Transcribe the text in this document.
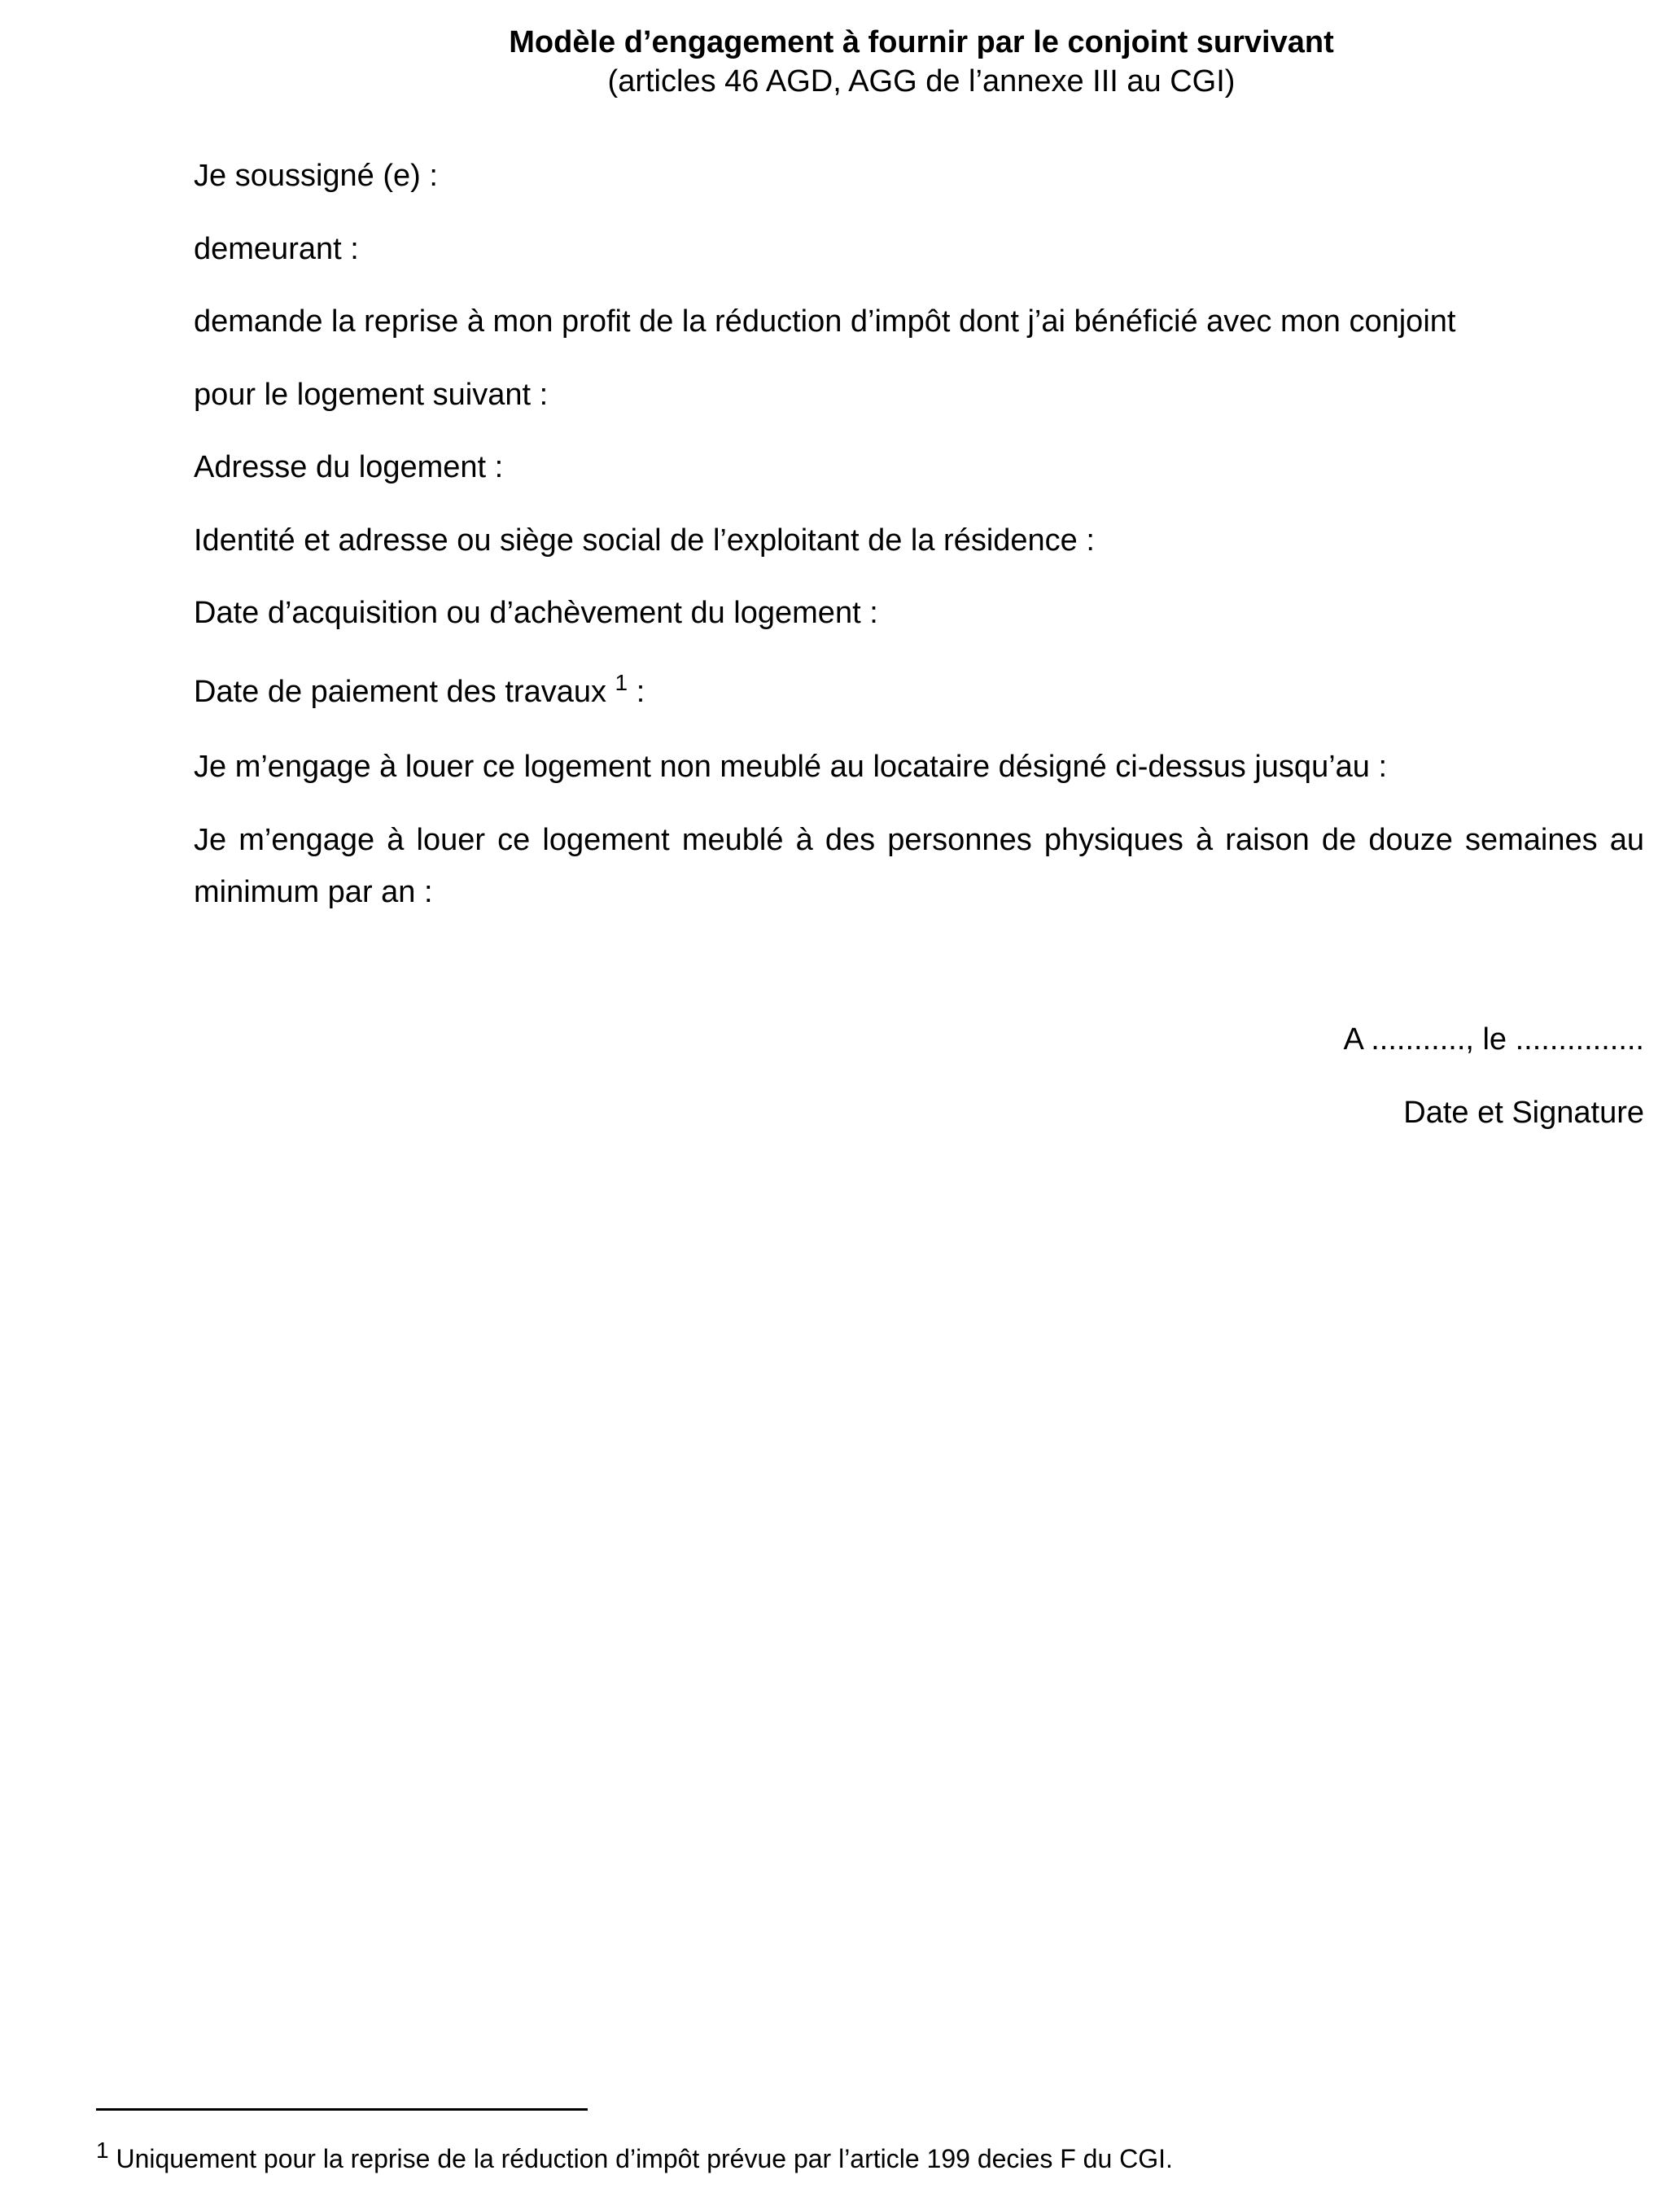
Modèle d’engagement à fournir par le conjoint survivant
(articles 46 AGD, AGG de l’annexe III au CGI)
Je soussigné (e) :
demeurant :
demande la reprise à mon profit de la réduction d’impôt dont j’ai bénéficié avec mon conjoint
pour le logement suivant :
Adresse du logement :
Identité et adresse ou siège social de l’exploitant de la résidence :
Date d’acquisition ou d’achèvement du logement :
Date de paiement des travaux $^1$ :
Je m’engage à louer ce logement non meublé au locataire désigné ci-dessus jusqu’au :
Je m’engage à louer ce logement meublé à des personnes physiques à raison de douze semaines au minimum par an :
A ..........., le ...............
Date et Signature
$^1$ Uniquement pour la reprise de la réduction d’impôt prévue par l’article 199 decies F du CGI.
